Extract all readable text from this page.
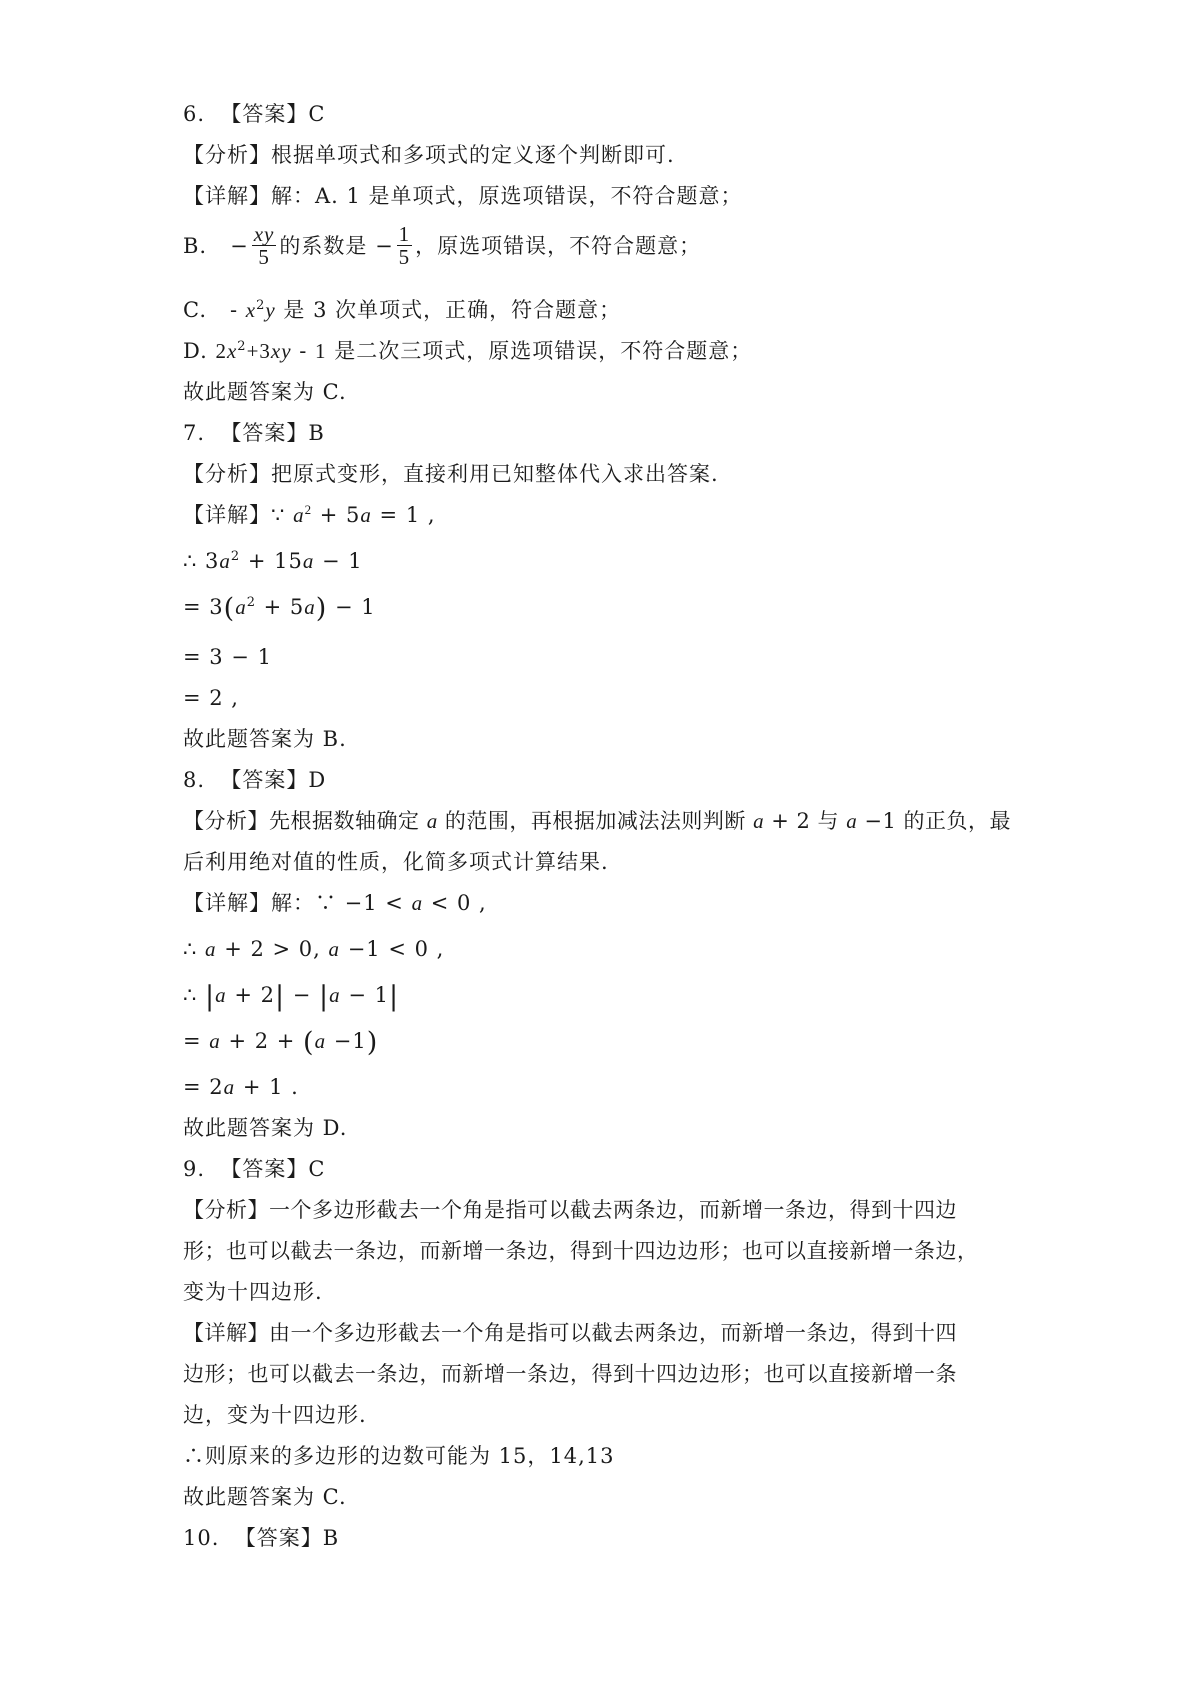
6. 【答案】C
【分析】根据单项式和多项式的定义逐个判断即可.
【详解】解：A. 1 是单项式，原选项错误，不符合题意；
B.   − $\frac{xy}{5}$ 的系数是 − $\frac{1}{5}$ ，原选项错误，不符合题意；
C.   - $x^2y$ 是 3 次单项式，正确，符合题意；
D. $2x^2+3xy - 1$ 是二次三项式，原选项错误，不符合题意；
故此题答案为 C.
7. 【答案】B
【分析】把原式变形，直接利用已知整体代入求出答案.
【详解】∵ $a^2 + 5a = 1$ ,
∴ $3a^2 + 15a - 1$
= $3(a^2 + 5a) - 1$
= 3 − 1
= 2 ,
故此题答案为 B.
8. 【答案】D
【分析】先根据数轴确定 a 的范围，再根据加减法法则判断 a + 2 与 a −1 的正负，最
后利用绝对值的性质，化简多项式计算结果.
【详解】解：∵ −1 < a < 0 ,
∴ a + 2 > 0, a −1 < 0 ,
∴ |a + 2| − |a − 1|
= a + 2 + (a −1)
= 2a + 1 .
故此题答案为 D.
9. 【答案】C
【分析】一个多边形截去一个角是指可以截去两条边，而新增一条边，得到十四边
形；也可以截去一条边，而新增一条边，得到十四边边形；也可以直接新增一条边，
变为十四边形.
【详解】由一个多边形截去一个角是指可以截去两条边，而新增一条边，得到十四
边形；也可以截去一条边，而新增一条边，得到十四边边形；也可以直接新增一条
边，变为十四边形.
∴则原来的多边形的边数可能为 15，14,13
故此题答案为 C.
10. 【答案】B
